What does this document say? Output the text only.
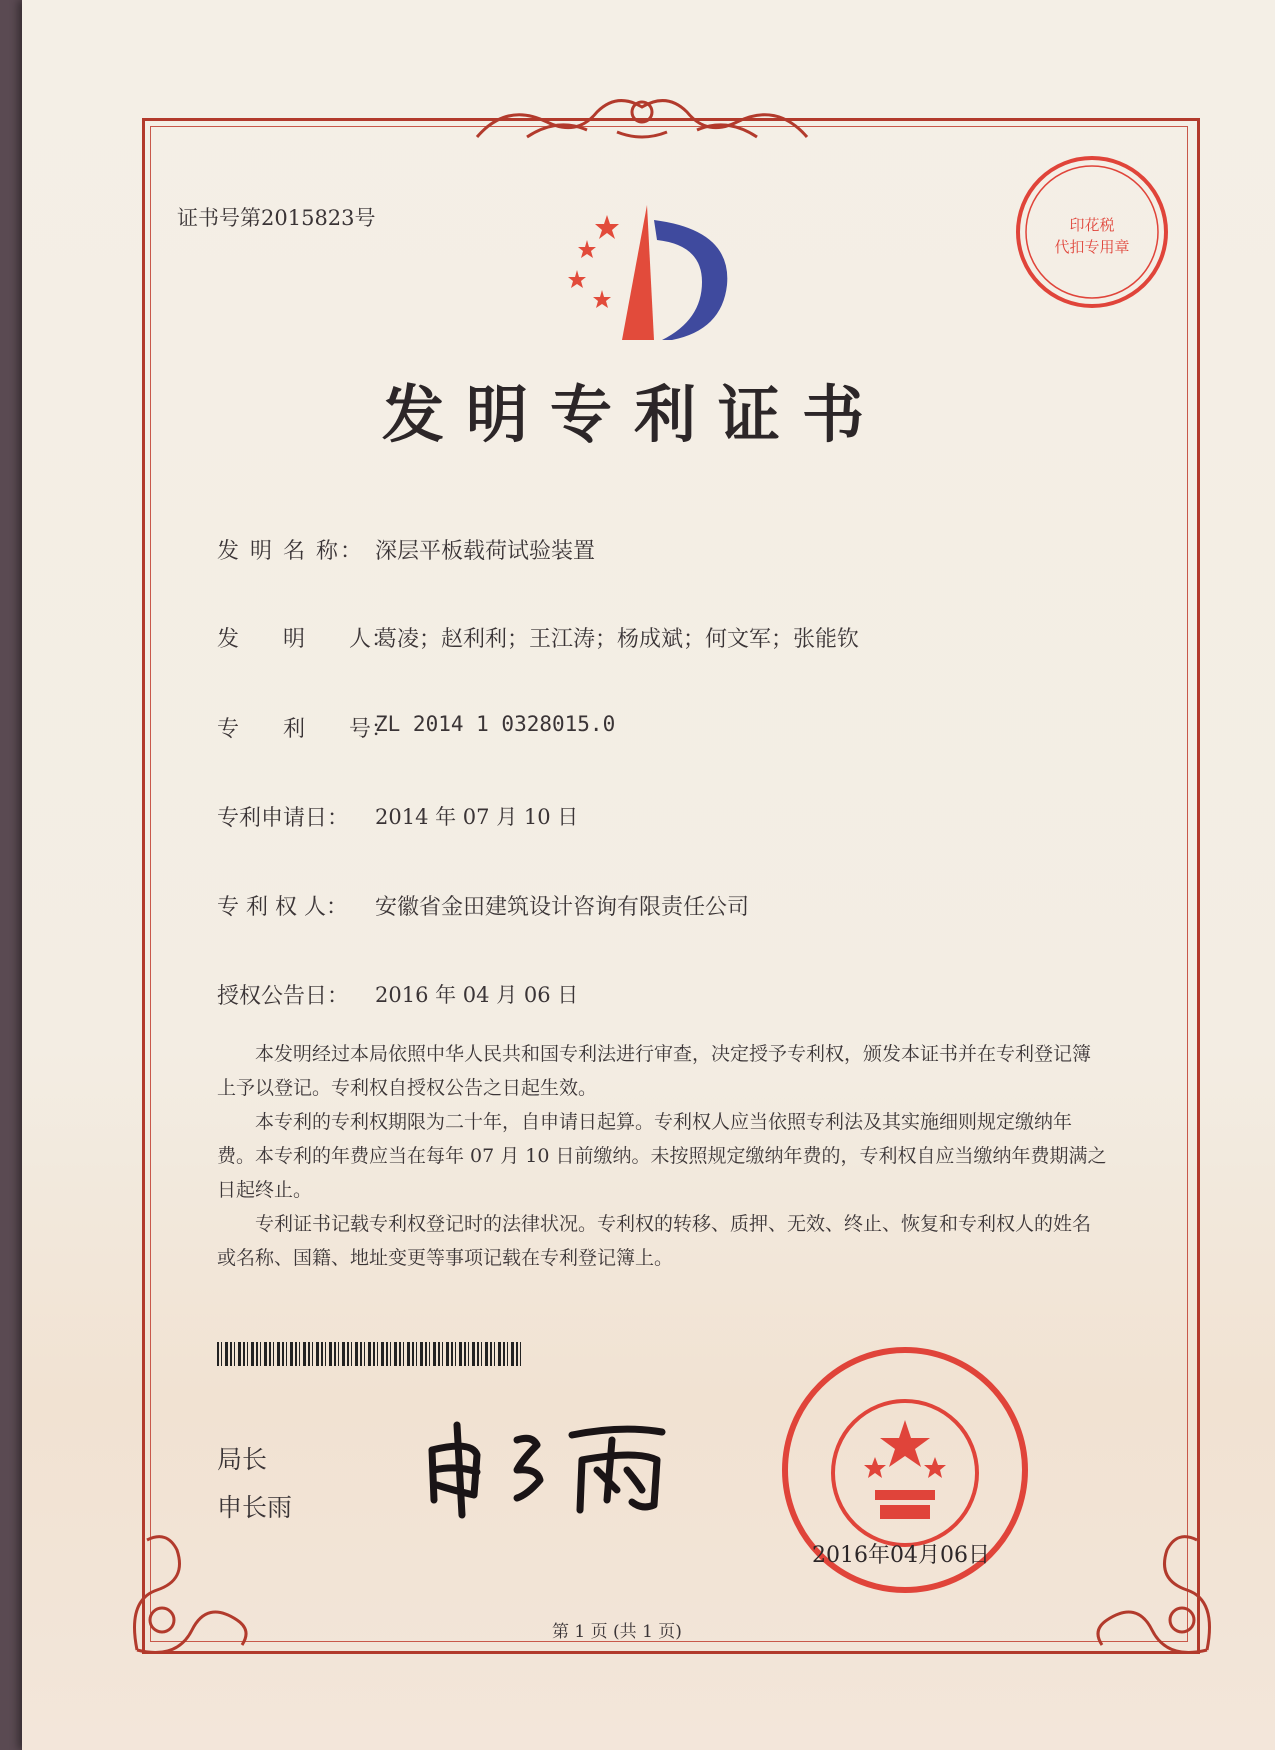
证书号第2015823号
发明专利证书
发 明 名 称： 深层平板载荷试验装置
发　　明　　人：
葛凌；赵利利；王江涛；杨成斌；何文军；张能钦
专　　利　　号：
ZL 2014 1 0328015.0
专利申请日： 2014 年 07 月 10 日
专 利 权 人： 安徽省金田建筑设计咨询有限责任公司
授权公告日： 2016 年 04 月 06 日

本发明经过本局依照中华人民共和国专利法进行审查，决定授予专利权，颁发本证书并在专利登记簿上予以登记。专利权自授权公告之日起生效。

本专利的专利权期限为二十年，自申请日起算。专利权人应当依照专利法及其实施细则规定缴纳年费。本专利的年费应当在每年 07 月 10 日前缴纳。未按照规定缴纳年费的，专利权自应当缴纳年费期满之日起终止。

专利证书记载专利权登记时的法律状况。专利权的转移、质押、无效、终止、恢复和专利权人的姓名或名称、国籍、地址变更等事项记载在专利登记簿上。

局长
申长雨
印花税
代扣专用章
2016年04月06日
第 1 页 (共 1 页)
